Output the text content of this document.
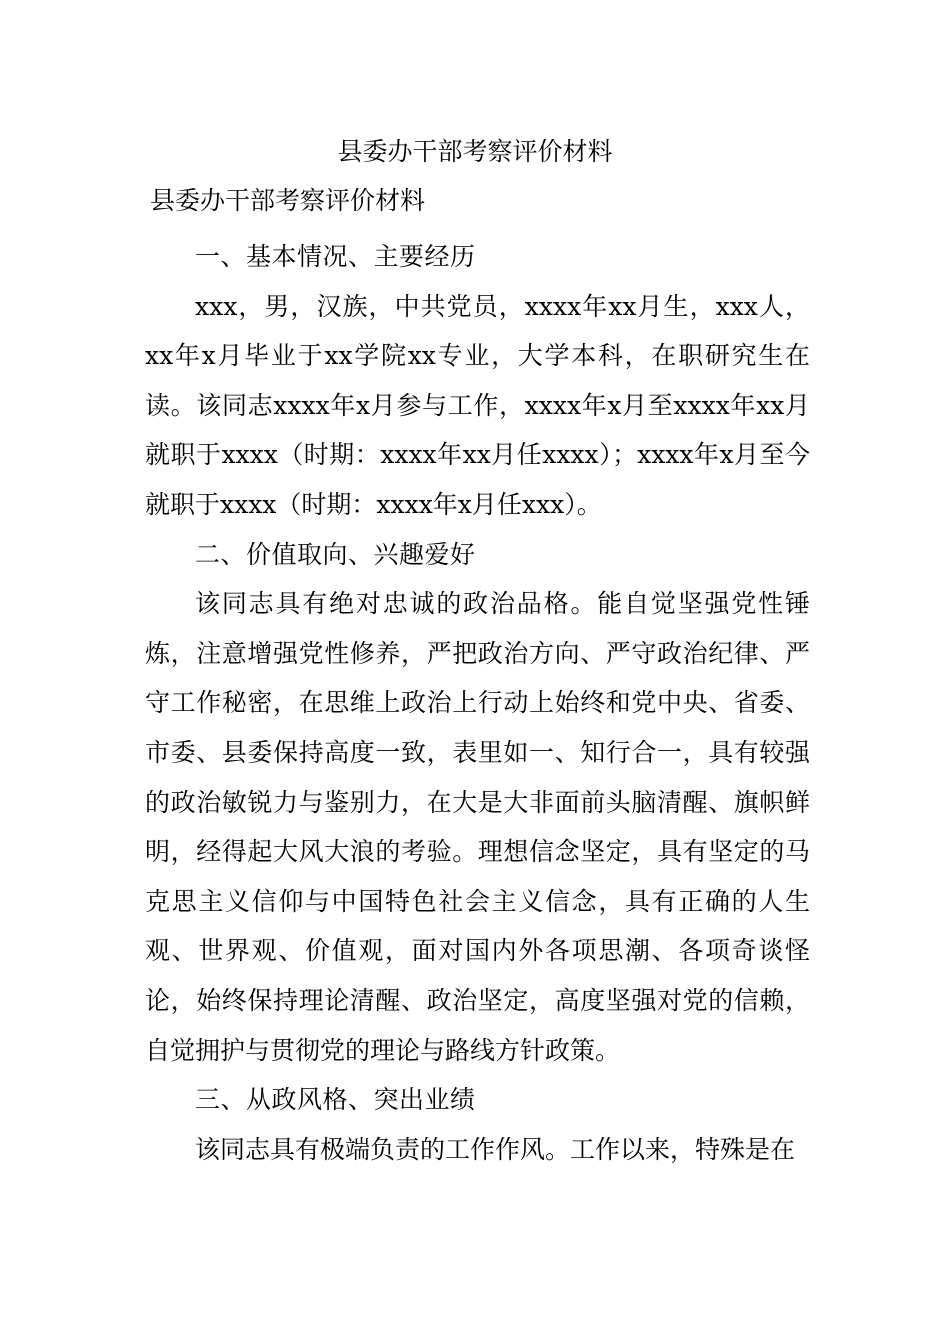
县委办干部考察评价材料
县委办干部考察评价材料

一、基本情况、主要经历

xxx，男，汉族，中共党员，xxxx年xx月生，xxx人，xx年x月毕业于xx学院xx专业，大学本科，在职研究生在读。该同志xxxx年x月参与工作，xxxx年x月至xxxx年xx月就职于xxxx（时期：xxxx年xx月任xxxx）；xxxx年x月至今就职于xxxx（时期：xxxx年x月任xxx）。

二、价值取向、兴趣爱好

该同志具有绝对忠诚的政治品格。能自觉坚强党性锤炼，注意增强党性修养，严把政治方向、严守政治纪律、严守工作秘密，在思维上政治上行动上始终和党中央、省委、市委、县委保持高度一致，表里如一、知行合一，具有较强的政治敏锐力与鉴别力，在大是大非面前头脑清醒、旗帜鲜明，经得起大风大浪的考验。理想信念坚定，具有坚定的马克思主义信仰与中国特色社会主义信念，具有正确的人生观、世界观、价值观，面对国内外各项思潮、各项奇谈怪论，始终保持理论清醒、政治坚定，高度坚强对党的信赖，自觉拥护与贯彻党的理论与路线方针政策。

三、从政风格、突出业绩

该同志具有极端负责的工作作风。工作以来，特殊是在
